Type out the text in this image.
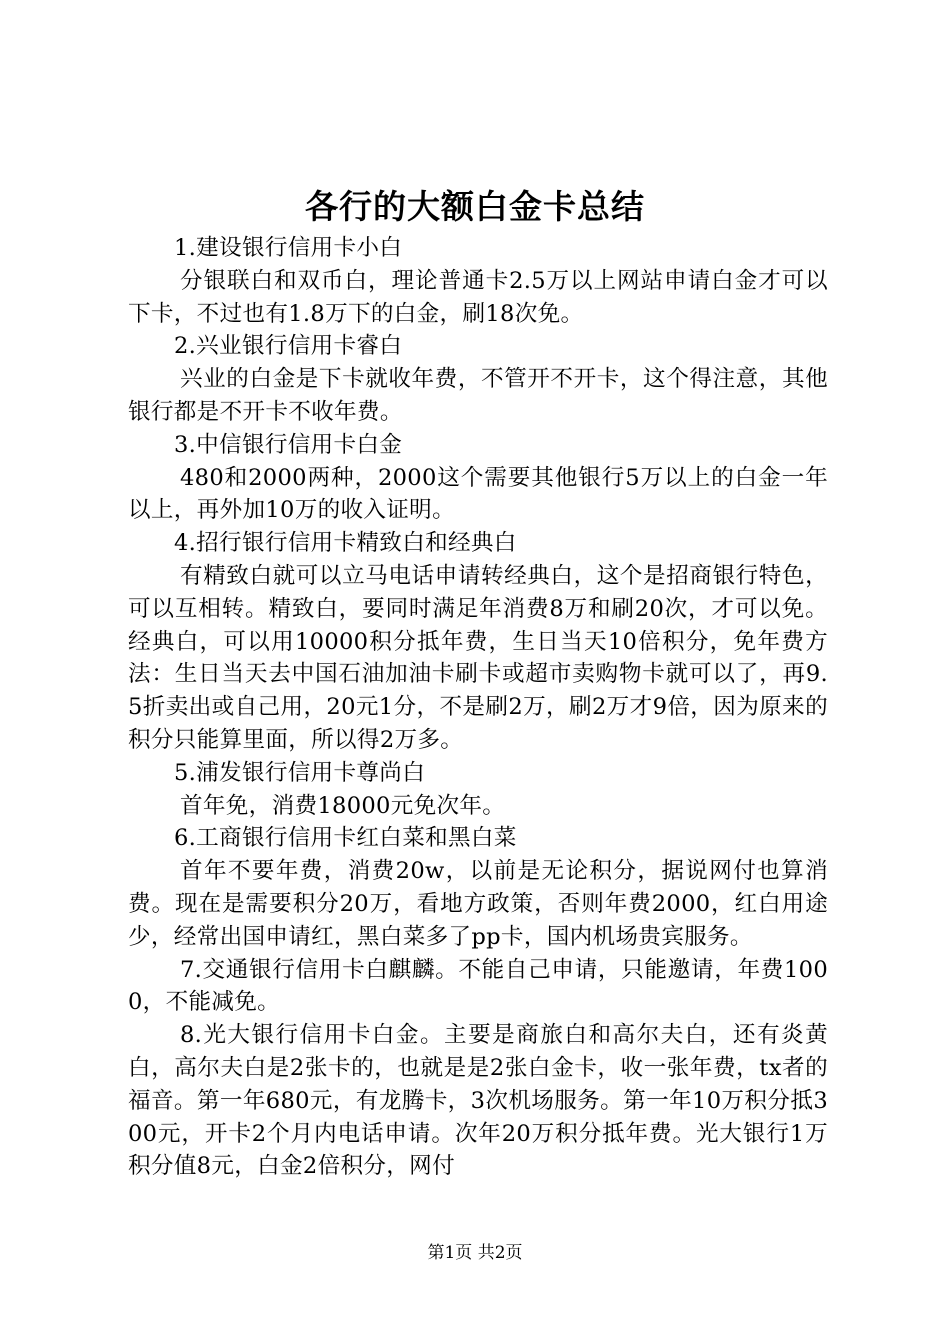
各行的大额白金卡总结

1.建设银行信用卡小白

分银联白和双币白，理论普通卡2.5万以上网站申请白金才可以下卡，不过也有1.8万下的白金，刷18次免。

2.兴业银行信用卡睿白

兴业的白金是下卡就收年费，不管开不开卡，这个得注意，其他银行都是不开卡不收年费。

3.中信银行信用卡白金

480和2000两种，2000这个需要其他银行5万以上的白金一年以上，再外加10万的收入证明。

4.招行银行信用卡精致白和经典白

有精致白就可以立马电话申请转经典白，这个是招商银行特色，可以互相转。精致白，要同时满足年消费8万和刷20次，才可以免。经典白，可以用10000积分抵年费，生日当天10倍积分，免年费方法：生日当天去中国石油加油卡刷卡或超市卖购物卡就可以了，再9.5折卖出或自己用，20元1分，不是刷2万，刷2万才9倍，因为原来的积分只能算里面，所以得2万多。

5.浦发银行信用卡尊尚白

首年免，消费18000元免次年。

6.工商银行信用卡红白菜和黑白菜

首年不要年费，消费20w，以前是无论积分，据说网付也算消费。现在是需要积分20万，看地方政策，否则年费2000，红白用途少，经常出国申请红，黑白菜多了pp卡，国内机场贵宾服务。

7.交通银行信用卡白麒麟。不能自己申请，只能邀请，年费1000，不能减免。

8.光大银行信用卡白金。主要是商旅白和高尔夫白，还有炎黄白，高尔夫白是2张卡的，也就是是2张白金卡，收一张年费，tx者的福音。第一年680元，有龙腾卡，3次机场服务。第一年10万积分抵300元，开卡2个月内电话申请。次年20万积分抵年费。光大银行1万积分值8元，白金2倍积分，网付

第1页 共2页
